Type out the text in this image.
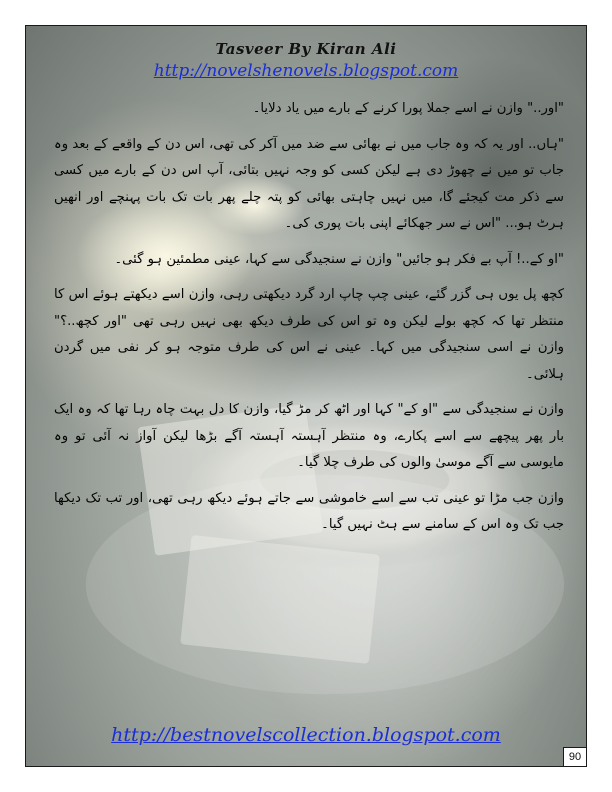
Tasveer By Kiran Ali
http://novelshenovels.blogspot.com

"اور.." وازن نے اسے جملا پورا کرنے کے بارے میں یاد دلایا۔

"ہاں.. اور یہ کہ وہ جاب میں نے بھائی سے ضد میں آکر کی تھی، اس دن کے واقعے کے بعد وہ جاب تو میں نے چھوڑ دی ہے لیکن کسی کو وجہ نہیں بتائی، آپ اس دن کے بارے میں کسی سے ذکر مت کیجئے گا، میں نہیں چاہتی بھائی کو پتہ چلے پھر بات تک بات پہنچے اور انھیں ہرٹ ہو... "اس نے سر جھکائے اپنی بات پوری کی۔

"او کے..! آپ بے فکر ہو جائیں" وازن نے سنجیدگی سے کہا، عینی مطمئین ہو گئی۔

کچھ پل یوں ہی گزر گئے، عینی چپ چاپ ارد گرد دیکھتی رہی، وازن اسے دیکھتے ہوئے اس کا منتظر تھا کہ کچھ بولے لیکن وہ تو اس کی طرف دیکھ بھی نہیں رہی تھی "اور کچھ..؟" وازن نے اسی سنجیدگی میں کہا۔ عینی نے اس کی طرف متوجہ ہو کر نفی میں گردن ہلائی۔

وازن نے سنجیدگی سے "او کے" کہا اور اٹھ کر مڑ گیا، وازن کا دل بہت چاہ رہا تھا کہ وہ ایک بار پھر پیچھے سے اسے پکارے، وہ منتظر آہستہ آہستہ آگے بڑھا لیکن آواز نہ آئی تو وہ مایوسی سے آگے موسیٰ والوں کی طرف چلا گیا۔

وازن جب مڑا تو عینی تب سے اسے خاموشی سے جاتے ہوئے دیکھ رہی تھی، اور تب تک دیکھا جب تک وہ اس کے سامنے سے ہٹ نہیں گیا۔

http://bestnovelscollection.blogspot.com
90
